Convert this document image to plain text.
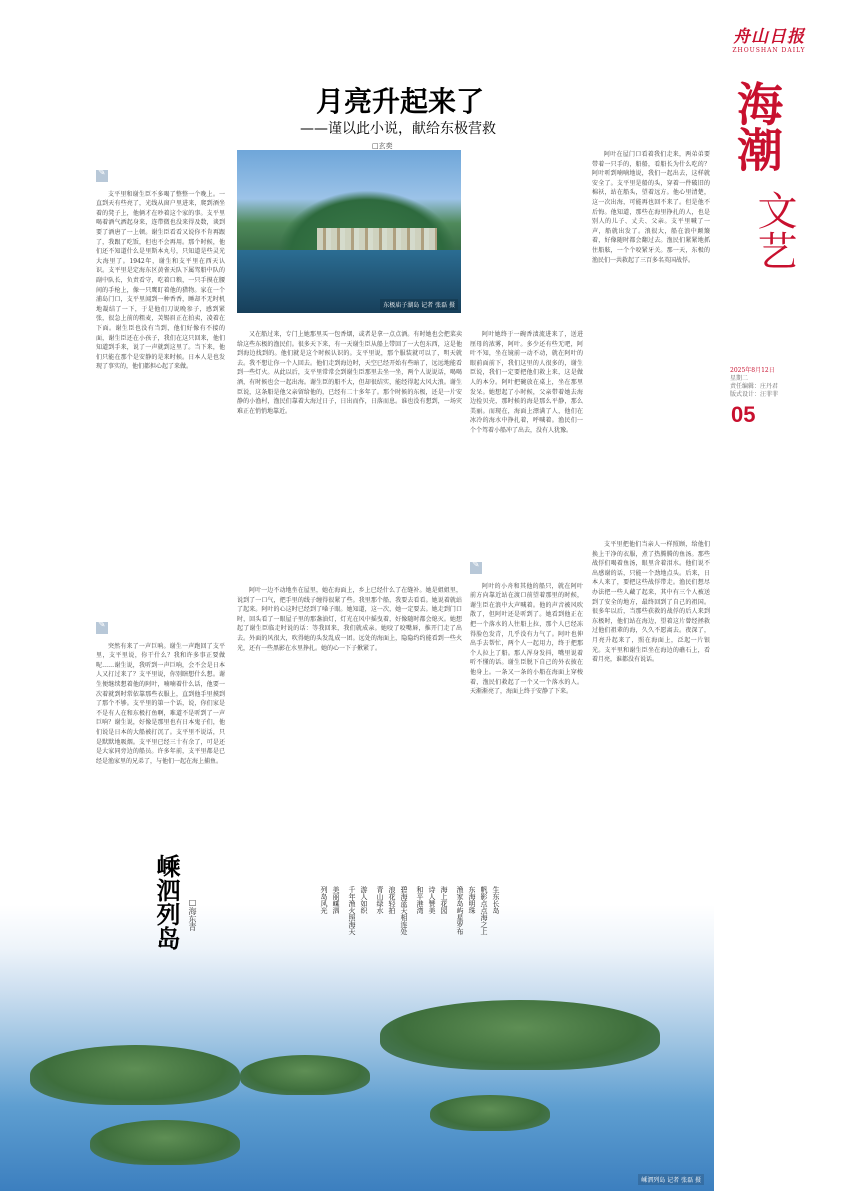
舟山日报
ZHOUSHAN DAILY
海潮
文艺
2025年8月12日
星期二
责任编辑：庄丹君
版式设计：汪菲菲
05
月亮升起来了
——谨以此小说，献给东极营救
□玄奕
东极庙子湖岛 记者 张磊 摄
✎

支平里和谢生臣不多喝了整整一个晚上。一直到天有些亮了，光线从窗户里进来，爬到酒坐着的凳子上，他俩才在吵着这个家的事。支平里喝着酒气洒起身来，连带微也没来得及数，谈到要了酒唐了一上顿。谢生臣看看又说你不肯再跟了，我跟了吃饭，但也不会再用。那个时候，他们还不知道什么是里斯本丸号，只知道是些灵光大海里了。1942年，谢生和支平里在西天认识。支平里是定海东区黄雀天队下属驾船中队的副中队长，负责看守，吃着口粮，一只手摸在腰间的手枪上，像一只鹰盯着他的猎物。家在一个浦岛门口，支平里闻到一种香香，睡却不无时机地凝结了一下，于是他们刀说晚参子，感到紧张，很急上前的粗麦，芙锡眉正在拍卖，凌着在下面。谢生臣也没有当到，他们好像有不接的面，谢生臣还在小孩子，我们在这只回来，他们知道到手来，说了一声就到这里了。当下来，他们只能在那个是安静的是来时候。日本人是也发现了事实的，他们都担心起了来做。

✎

突然有来了一声巨响。谢生一声跑回了支平里，支平里说，你干什么？我和许多事正要做呢……谢生说，我听到一声巨响，会不会是日本人又打过来了？支平里说，你别瞎想什么想。谢生便继续想着他的阿叶，喃喃着什么话，他要一次着就到时常依靠那些衣服上，直到他手里摸到了那个不够。支平里的第一个话，说，你们家是不是有人在和东极打鱼啊，难道不是听到了一声巨响？谢生说，好像是那里也有日本鬼子们，他们说是日本的大船被打沉了。支平里不说话，只是默默地吸烟。支平里已经三十有余了，可是还是大家同旁边的船员。许多年前，支平里都是已经是渔家里的兄弟了，与他们一起在海上捕鱼。

又在船过来，专门上她那里买一包香烟，或者是拿一点点酒。有时她也会把菜卖给这些东极的渔民们。很多天下来，有一天谢生臣从船上带回了一大包东西，这是他到海边找到的。他们就是这个时候认识的。支平里说，那个服装就可以了，明天就去。我不想让你一个人回去。他们走到海边时，天空已经开始有些暗了，远远地能看到一些灯火。从此以后，支平里常常会到谢生臣那里去坐一坐，两个人说说话，喝喝酒，有时候也会一起出海。谢生臣的船不大，但却很结实，能经得起大风大浪。谢生臣说，这条船是他父亲留给他的，已经有二十多年了。那个时候的东极，还是一片安静的小渔村，渔民们靠着大海过日子，日出而作，日落而息。谁也没有想到，一场灾难正在悄悄地靠近。

阿叶一边不动地坐在屋里，她在海面上，乡上已经什么了在缝补。她是姐姐里，说到了一口气，把手里的线子缠得很紧了些。我里那个船，我要去看看。她说着就站了起来。阿叶的心这时已经到了嗓子眼。她知道，这一次，她一定要去。她走到门口时，回头看了一眼屋子里的那盏油灯，灯光在风中摇曳着，好像随时都会熄灭。她想起了谢生臣临走时说的话：等我回来，我们就成亲。她咬了咬嘴唇，推开门走了出去。外面的风很大，吹得她的头发乱成一团。远处的海面上，隐隐约约能看到一些火光，还有一些黑影在水里挣扎。她的心一下子揪紧了。

阿叶她终于一碗香渍流进来了，送进厘母的浓雾，阿叶。多少还有些无吧，阿叶不知，坐在镜前一动不动，就在阿叶的眼前面前下，我们这里的人很多的，谢生臣说，我们一定要把他们救上来，这是做人的本分。阿叶把碗放在桌上，坐在那里发呆。她想起了小时候，父亲带着她去海边捡贝壳，那时候的海是那么平静，那么美丽。而现在，海面上漂满了人，他们在冰冷的海水中挣扎着，呼喊着。渔民们一个个驾着小船冲了出去，没有人犹豫。

✎

阿叶的小舟和其他的船只，就在阿叶前方向靠近站在渡口前望着那里的时候，谢生臣在浪中大声喊着。他的声音被风吹散了，但阿叶还是听到了。她看到他正在把一个落水的人往船上拉，那个人已经冻得脸色发青，几乎没有力气了。阿叶也伸出手去帮忙，两个人一起用力，终于把那个人拉上了船。那人浑身发抖，嘴里说着听不懂的话。谢生臣脱下自己的外衣披在他身上。一条又一条的小船在海面上穿梭着，渔民们救起了一个又一个落水的人。天渐渐亮了，海面上终于安静了下来。

阿叶在屋门口看着我们走来，两弟弟要带着一只手的，船船，看船长为什么吃的？阿叶听到喃喃地说，我们一起出去，这样就安全了。支平里是船的头，穿着一件破旧的棉袄，站在船头，望着远方。他心里清楚，这一次出海，可能再也回不来了。但是他不后悔。他知道，那些在海里挣扎的人，也是别人的儿子、丈夫、父亲。支平里喊了一声，船就出发了。浪很大，船在浪中颠簸着，好像随时都会翻过去。渔民们紧紧地抓住船舷，一个个咬紧牙关。那一天，东极的渔民们一共救起了三百多名英国战俘。

支平里把他们当亲人一样照顾，给他们换上干净的衣服，煮了热腾腾的鱼汤。那些战俘们喝着鱼汤，眼里含着泪水。他们说不出感谢的话，只能一个劲地点头。后来，日本人来了，要把这些战俘带走。渔民们想尽办法把一些人藏了起来，其中有三个人被送到了安全的地方，最终回到了自己的祖国。很多年以后，当那些获救的战俘的后人来到东极时，他们站在海边，望着这片曾经拯救过他们祖辈的海，久久不愿离去。夜深了，月亮升起来了，照在海面上，泛起一片银光。支平里和谢生臣坐在海边的礁石上，看着月亮，谁都没有说话。

嵊泗列岛 记者 张磊 摄
嵊泗列岛 □海东青	生东长岛
帆影点点海之上
东海明珠
渔家岛屿星罗布
海上花园
诗人赞美
和平港湾
碧海蓝天相连处
浪花轻拍
青山绿水
游人如织
千年渔火照海天
美丽嵊泗
列岛风光
